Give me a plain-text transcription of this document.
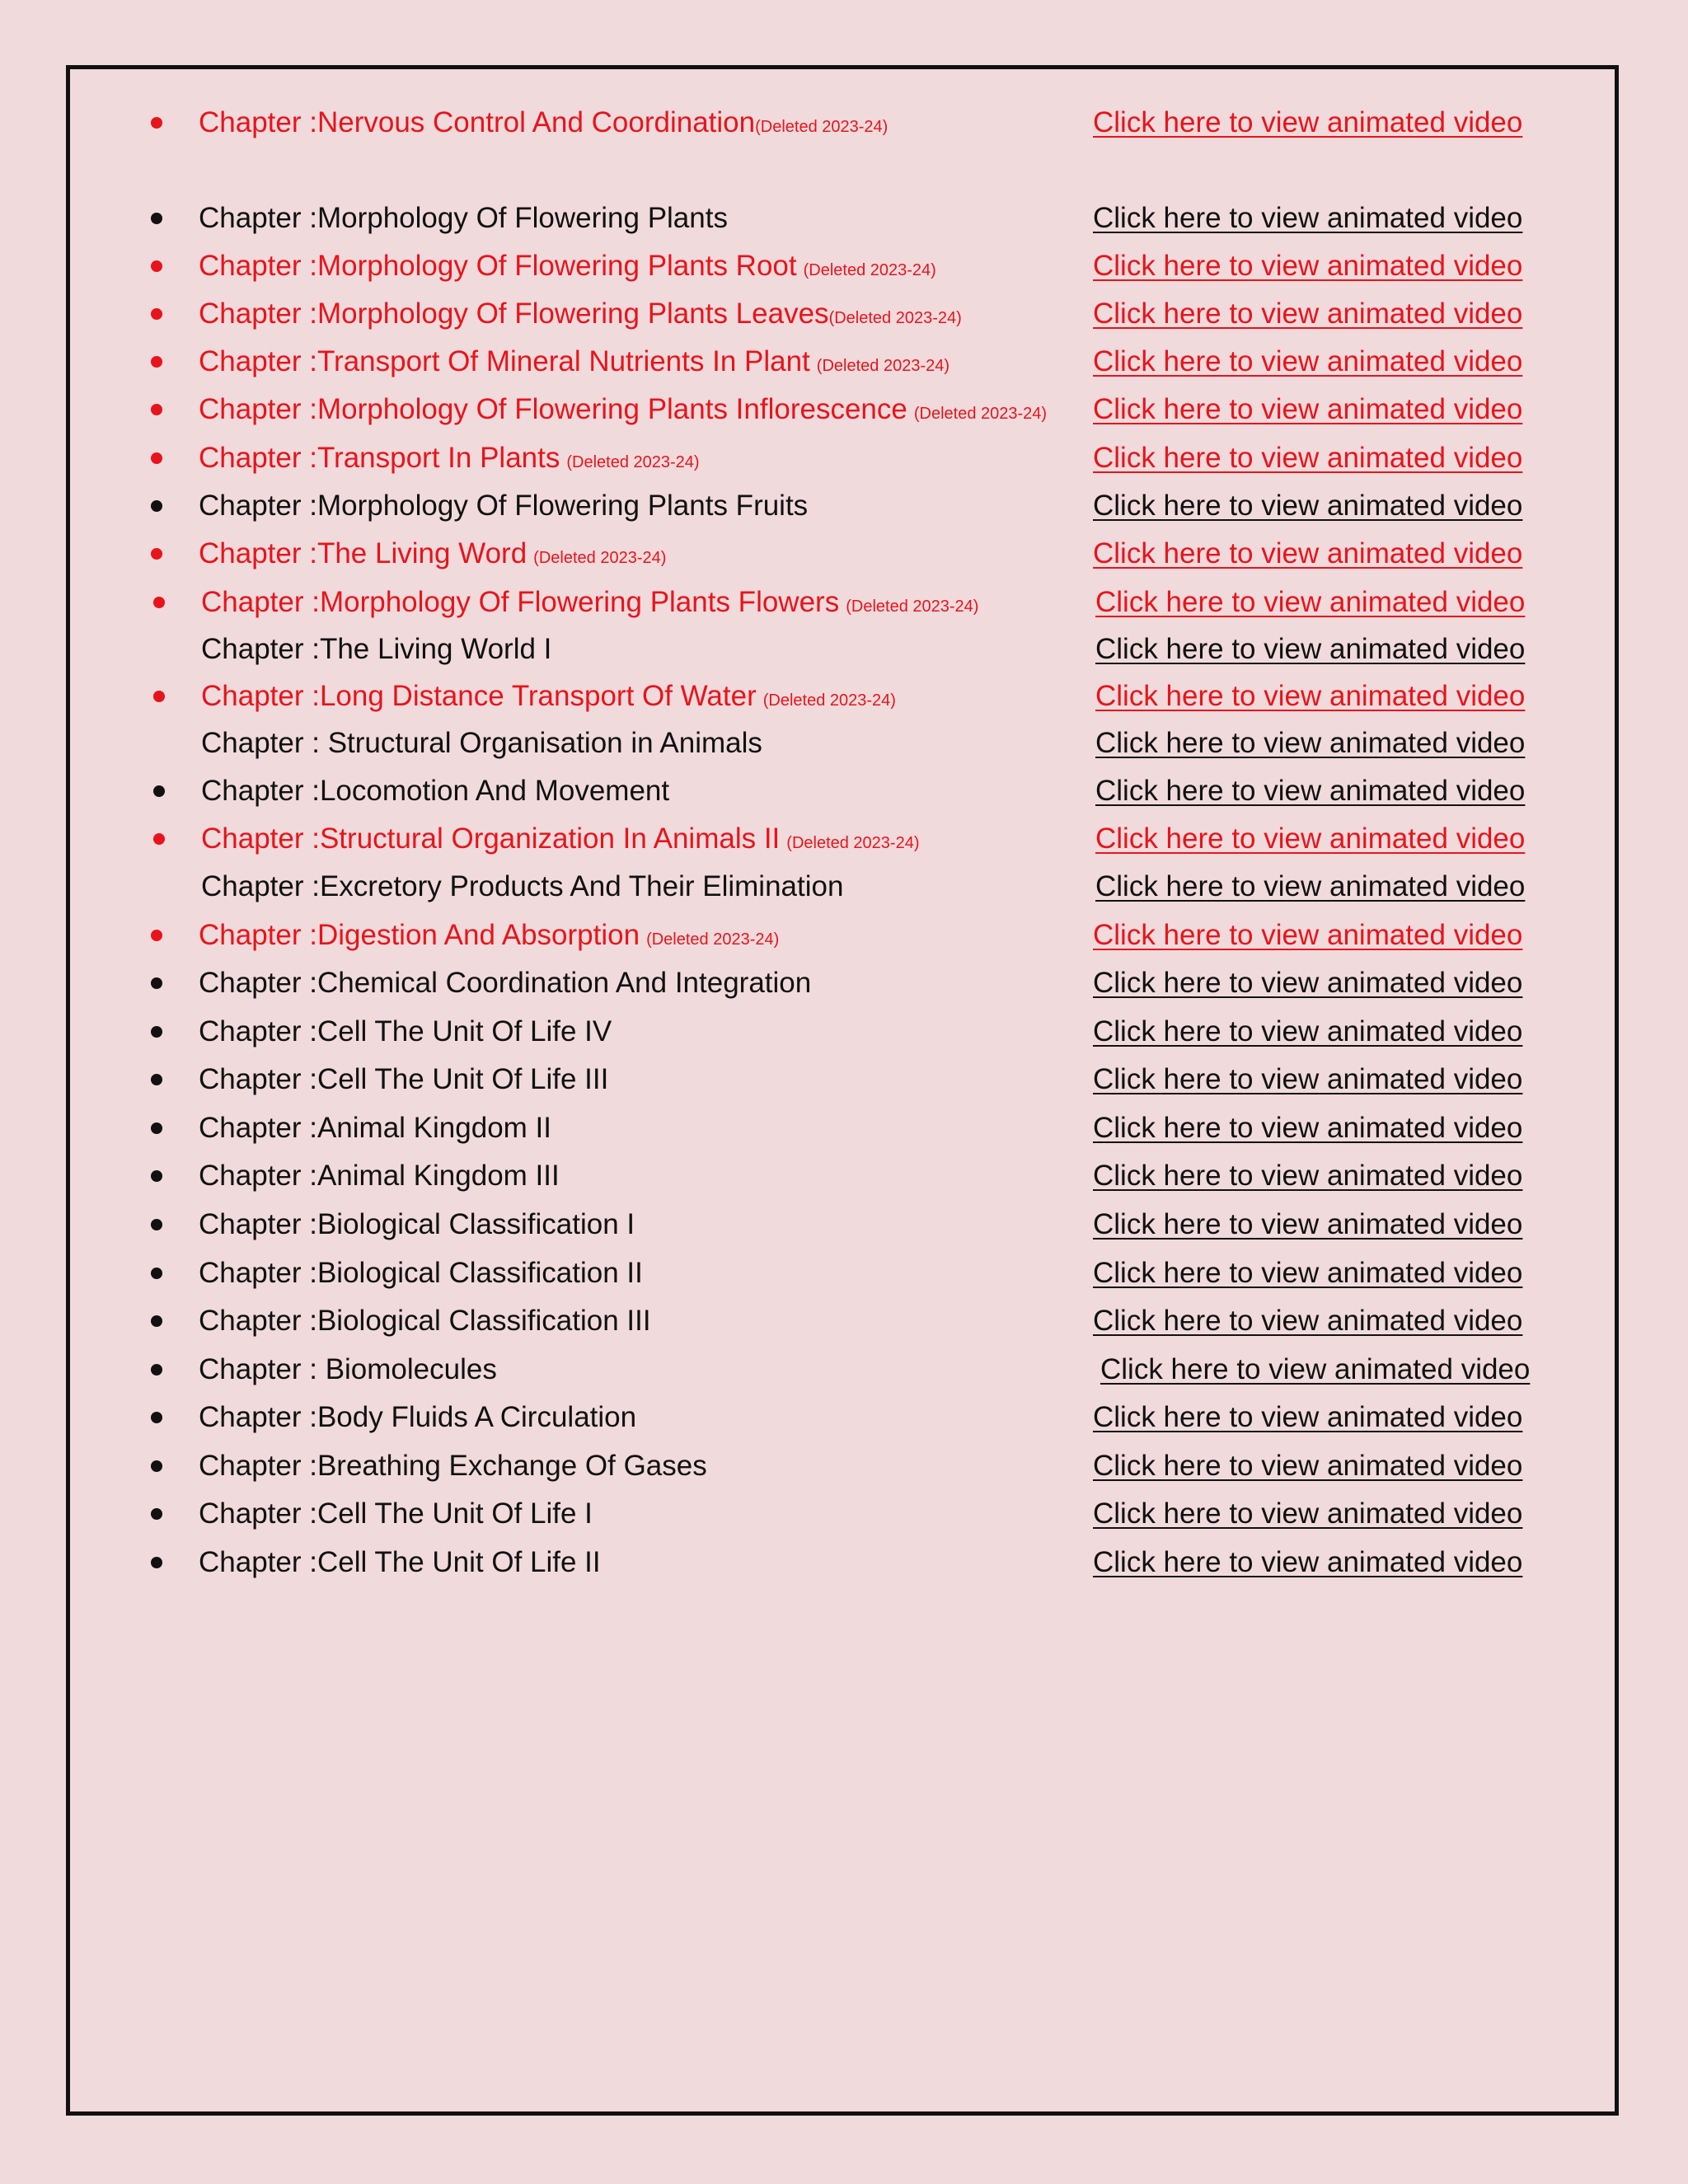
Chapter :Nervous Control And Coordination(Deleted 2023-24)	Click here to view animated video
Chapter :Morphology Of Flowering Plants	Click here to view animated video
Chapter :Morphology Of Flowering Plants Root (Deleted 2023-24)	Click here to view animated video
Chapter :Morphology Of Flowering Plants Leaves(Deleted 2023-24)	Click here to view animated video
Chapter :Transport Of Mineral Nutrients In Plant (Deleted 2023-24)	Click here to view animated video
Chapter :Morphology Of Flowering Plants Inflorescence (Deleted 2023-24) Click here to view animated video
Chapter :Transport In Plants (Deleted 2023-24)	Click here to view animated video
Chapter :Morphology Of Flowering Plants Fruits	Click here to view animated video
Chapter :The Living Word (Deleted 2023-24)	Click here to view animated video
Chapter :Morphology Of Flowering Plants Flowers (Deleted 2023-24)	Click here to view animated video
Chapter :The Living World I	Click here to view animated video
Chapter :Long Distance Transport Of Water (Deleted 2023-24)	Click here to view animated video
Chapter : Structural Organisation in Animals	Click here to view animated video
Chapter :Locomotion And Movement	Click here to view animated video
Chapter :Structural Organization In Animals II (Deleted 2023-24)	Click here to view animated video
Chapter :Excretory Products And Their Elimination	Click here to view animated video
Chapter :Digestion And Absorption (Deleted 2023-24)	Click here to view animated video
Chapter :Chemical Coordination And Integration	Click here to view animated video
Chapter :Cell The Unit Of Life IV	Click here to view animated video
Chapter :Cell The Unit Of Life III	Click here to view animated video
Chapter :Animal Kingdom II	Click here to view animated video
Chapter :Animal Kingdom III	Click here to view animated video
Chapter :Biological Classification I	Click here to view animated video
Chapter :Biological Classification II	Click here to view animated video
Chapter :Biological Classification III	Click here to view animated video
Chapter : Biomolecules	Click here to view animated video
Chapter :Body Fluids A Circulation	Click here to view animated video
Chapter :Breathing Exchange Of Gases	Click here to view animated video
Chapter :Cell The Unit Of Life I	Click here to view animated video
Chapter :Cell The Unit Of Life II	Click here to view animated video
